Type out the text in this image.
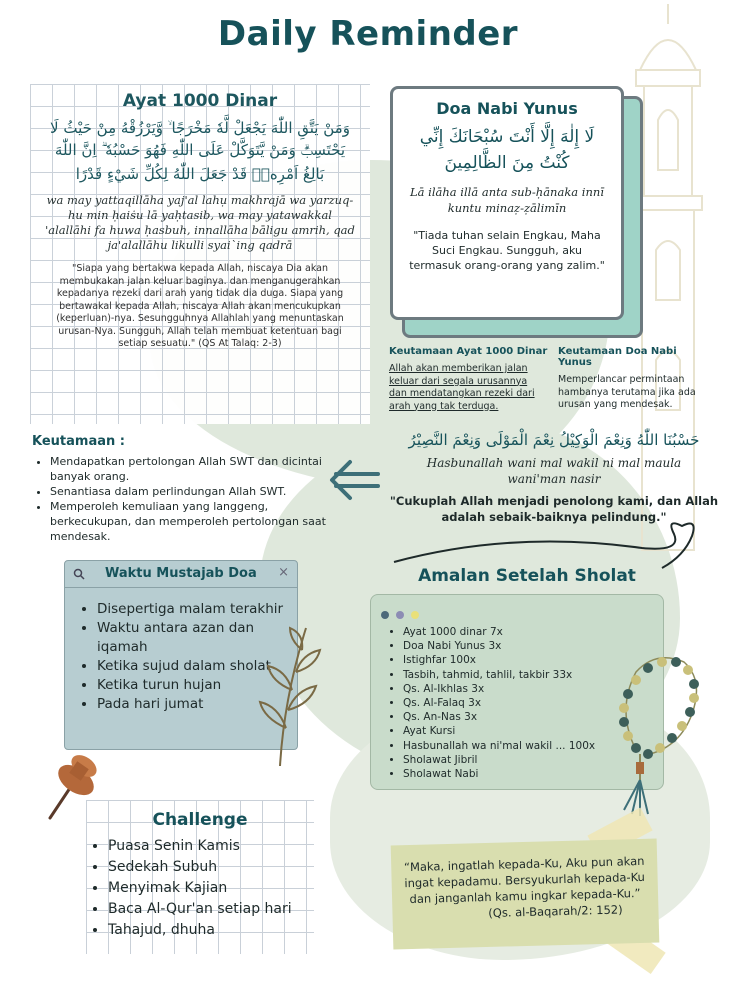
Daily Reminder
Ayat 1000 Dinar
وَمَنْ يَتَّقِ اللّٰهَ يَجْعَلْ لَّهٗ مَخْرَجًا ۙ وَّيَرْزُقْهُ مِنْ حَيْثُ لَا يَحْتَسِبُۗ وَمَنْ يَّتَوَكَّلْ عَلَى اللّٰهِ فَهُوَ حَسْبُهٗ ۗ اِنَّ اللّٰهَ
بَالِغُ اَمْرِهٖۗ قَدْ جَعَلَ اللّٰهُ لِكُلِّ شَيْءٍ قَدْرًا
wa may yattaqillāha yaj'al lahụ makhrajā wa yarzuq-hu min ḥaiṡu lā yaḥtasib, wa may yatawakkal 'alallāhi fa huwa ḥasbuh, innallāha bāligu amrih, qad ja'alallāhu likulli syai`ing qadrā
"Siapa yang bertakwa kepada Allah, niscaya Dia akan membukakan jalan keluar baginya. dan menganugerahkan kepadanya rezeki dari arah yang tidak dia duga. Siapa yang bertawakal kepada Allah, niscaya Allah akan mencukupkan (keperluan)-nya. Sesungguhnya Allahlah yang menuntaskan urusan-Nya. Sungguh, Allah telah membuat ketentuan bagi setiap sesuatu." (QS At Talaq: 2-3)
Doa Nabi Yunus
لَا إِلٰهَ إِلَّا أَنْتَ سُبْحَانَكَ إِنِّي كُنْتُ مِنَ الظَّالِمِينَ
Lā ilāha illā anta sub-ḥānaka innī kuntu minaẓ-ẓālimīn
"Tiada tuhan selain Engkau, Maha Suci Engkau. Sungguh, aku termasuk orang-orang yang zalim."
Keutamaan Ayat 1000 Dinar
Allah akan memberikan jalan keluar dari segala urusannya dan mendatangkan rezeki dari arah yang tak terduga.
Keutamaan Doa Nabi Yunus
Memperlancar permintaan hambanya terutama jika ada urusan yang mendesak.
Keutamaan :
• Mendapatkan pertolongan Allah SWT dan dicintai banyak orang.
• Senantiasa dalam perlindungan Allah SWT.
• Memperoleh kemuliaan yang langgeng, berkecukupan, dan memperoleh pertolongan saat mendesak.
حَسْبُنَا اللّٰهُ وَنِعْمَ الْوَكِيْلُ نِعْمَ الْمَوْلَى وَنِعْمَ النَّصِيْرُ
Hasbunallah wani mal wakil ni mal maula wani'man nasir
"Cukuplah Allah menjadi penolong kami, dan Allah adalah sebaik-baiknya pelindung."
Waktu Mustajab Doa ×
• Disepertiga malam terakhir
• Waktu antara azan dan iqamah
• Ketika sujud dalam sholat
• Ketika turun hujan
• Pada hari jumat
Amalan Setelah Sholat

• Ayat 1000 dinar 7x
• Doa Nabi Yunus 3x
• Istighfar 100x
• Tasbih, tahmid, tahlil, takbir 33x
• Qs. Al-Ikhlas 3x
• Qs. Al-Falaq 3x
• Qs. An-Nas 3x
• Ayat Kursi
• Hasbunallah wa ni'mal wakil ... 100x
• Sholawat Jibril
• Sholawat Nabi
Challenge
• Puasa Senin Kamis
• Sedekah Subuh
• Menyimak Kajian
• Baca Al-Qur'an setiap hari
• Tahajud, dhuha
“Maka, ingatlah kepada-Ku, Aku pun akan ingat kepadamu. Bersyukurlah kepada-Ku dan janganlah kamu ingkar kepada-Ku.”
(Qs. al-Baqarah/2: 152)
